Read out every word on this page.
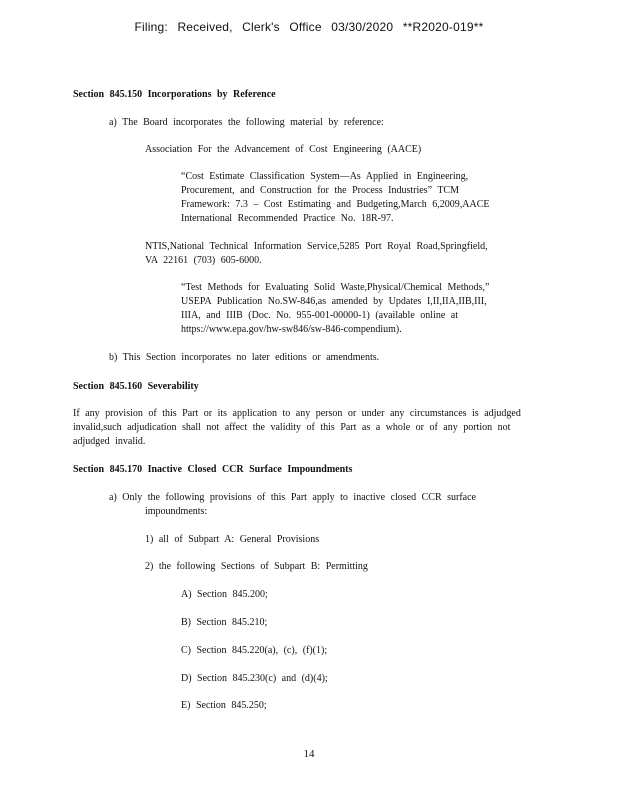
Filing: Received, Clerk's Office 03/30/2020 **R2020-019**

Section 845.150 Incorporations by Reference

a) The Board incorporates the following material by reference:

Association For the Advancement of Cost Engineering (AACE)

“Cost Estimate Classification System—As Applied in Engineering,
Procurement, and Construction for the Process Industries” TCM
Framework: 7.3 – Cost Estimating and Budgeting,March 6,2009,AACE
International Recommended Practice No. 18R-97.

NTIS,National Technical Information Service,5285 Port Royal Road,Springfield,
VA 22161 (703) 605-6000.

“Test Methods for Evaluating Solid Waste,Physical/Chemical Methods,”
USEPA Publication No.SW-846,as amended by Updates I,II,IIA,IIB,III,
IIIA, and IIIB (Doc. No. 955-001-00000-1) (available online at
https://www.epa.gov/hw-sw846/sw-846-compendium).

b) This Section incorporates no later editions or amendments.

Section 845.160 Severability

If any provision of this Part or its application to any person or under any circumstances is adjudged
invalid,such adjudication shall not affect the validity of this Part as a whole or of any portion not
adjudged invalid.

Section 845.170 Inactive Closed CCR Surface Impoundments

a) Only the following provisions of this Part apply to inactive closed CCR surface

impoundments:

1) all of Subpart A: General Provisions

2) the following Sections of Subpart B: Permitting

A) Section 845.200;

B) Section 845.210;

C) Section 845.220(a), (c), (f)(1);

D) Section 845.230(c) and (d)(4);

E) Section 845.250;

14
